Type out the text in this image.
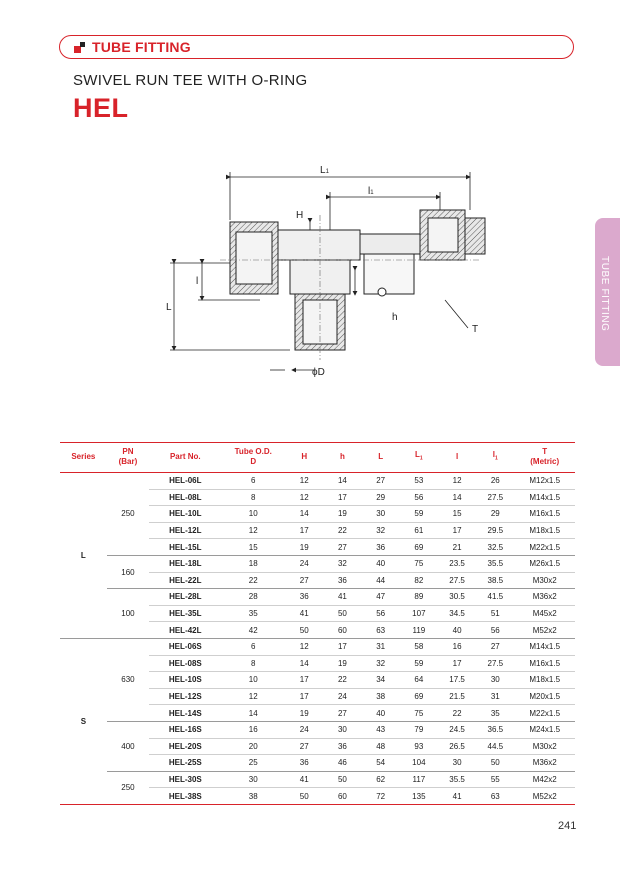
TUBE FITTING
SWIVEL RUN TEE WITH O-RING
HEL
TUBE FITTING
L1
l1
H
l
L
h
T
ϕD
Series	PN
(Bar)	Part No.	Tube O.D.
D	H	h	L	$L_1$	l	$l_1$	T
(Metric)
L	250	HEL-06L	6	12	14	27	53	12	26	M12x1.5
		HEL-08L	8	12	17	29	56	14	27.5	M14x1.5
		HEL-10L	10	14	19	30	59	15	29	M16x1.5
		HEL-12L	12	17	22	32	61	17	29.5	M18x1.5
		HEL-15L	15	19	27	36	69	21	32.5	M22x1.5
	160	HEL-18L	18	24	32	40	75	23.5	35.5	M26x1.5
		HEL-22L	22	27	36	44	82	27.5	38.5	M30x2
	100	HEL-28L	28	36	41	47	89	30.5	41.5	M36x2
		HEL-35L	35	41	50	56	107	34.5	51	M45x2
		HEL-42L	42	50	60	63	119	40	56	M52x2
S	630	HEL-06S	6	12	17	31	58	16	27	M14x1.5
		HEL-08S	8	14	19	32	59	17	27.5	M16x1.5
		HEL-10S	10	17	22	34	64	17.5	30	M18x1.5
		HEL-12S	12	17	24	38	69	21.5	31	M20x1.5
		HEL-14S	14	19	27	40	75	22	35	M22x1.5
	400	HEL-16S	16	24	30	43	79	24.5	36.5	M24x1.5
		HEL-20S	20	27	36	48	93	26.5	44.5	M30x2
		HEL-25S	25	36	46	54	104	30	50	M36x2
	250	HEL-30S	30	41	50	62	117	35.5	55	M42x2
		HEL-38S	38	50	60	72	135	41	63	M52x2
241
